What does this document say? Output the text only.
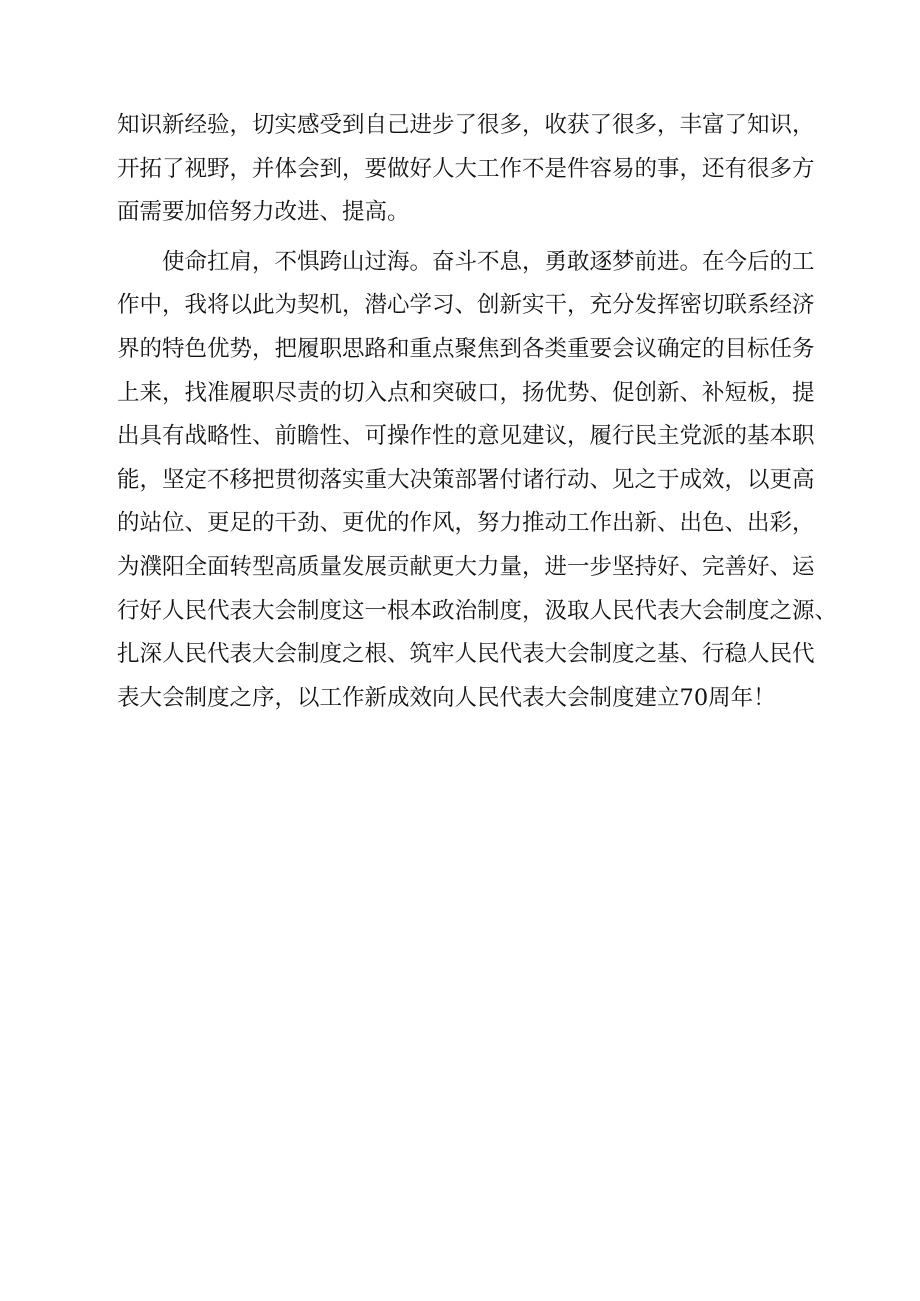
知识新经验，切实感受到自己进步了很多，收获了很多，丰富了知识，
开拓了视野，并体会到，要做好人大工作不是件容易的事，还有很多方
面需要加倍努力改进、提高。
　　使命扛肩，不惧跨山过海。奋斗不息，勇敢逐梦前进。在今后的工
作中，我将以此为契机，潜心学习、创新实干，充分发挥密切联系经济
界的特色优势，把履职思路和重点聚焦到各类重要会议确定的目标任务
上来，找准履职尽责的切入点和突破口，扬优势、促创新、补短板，提
出具有战略性、前瞻性、可操作性的意见建议，履行民主党派的基本职
能，坚定不移把贯彻落实重大决策部署付诸行动、见之于成效，以更高
的站位、更足的干劲、更优的作风，努力推动工作出新、出色、出彩，
为濮阳全面转型高质量发展贡献更大力量，进一步坚持好、完善好、运
行好人民代表大会制度这一根本政治制度，汲取人民代表大会制度之源、
扎深人民代表大会制度之根、筑牢人民代表大会制度之基、行稳人民代
表大会制度之序，以工作新成效向人民代表大会制度建立70周年！
